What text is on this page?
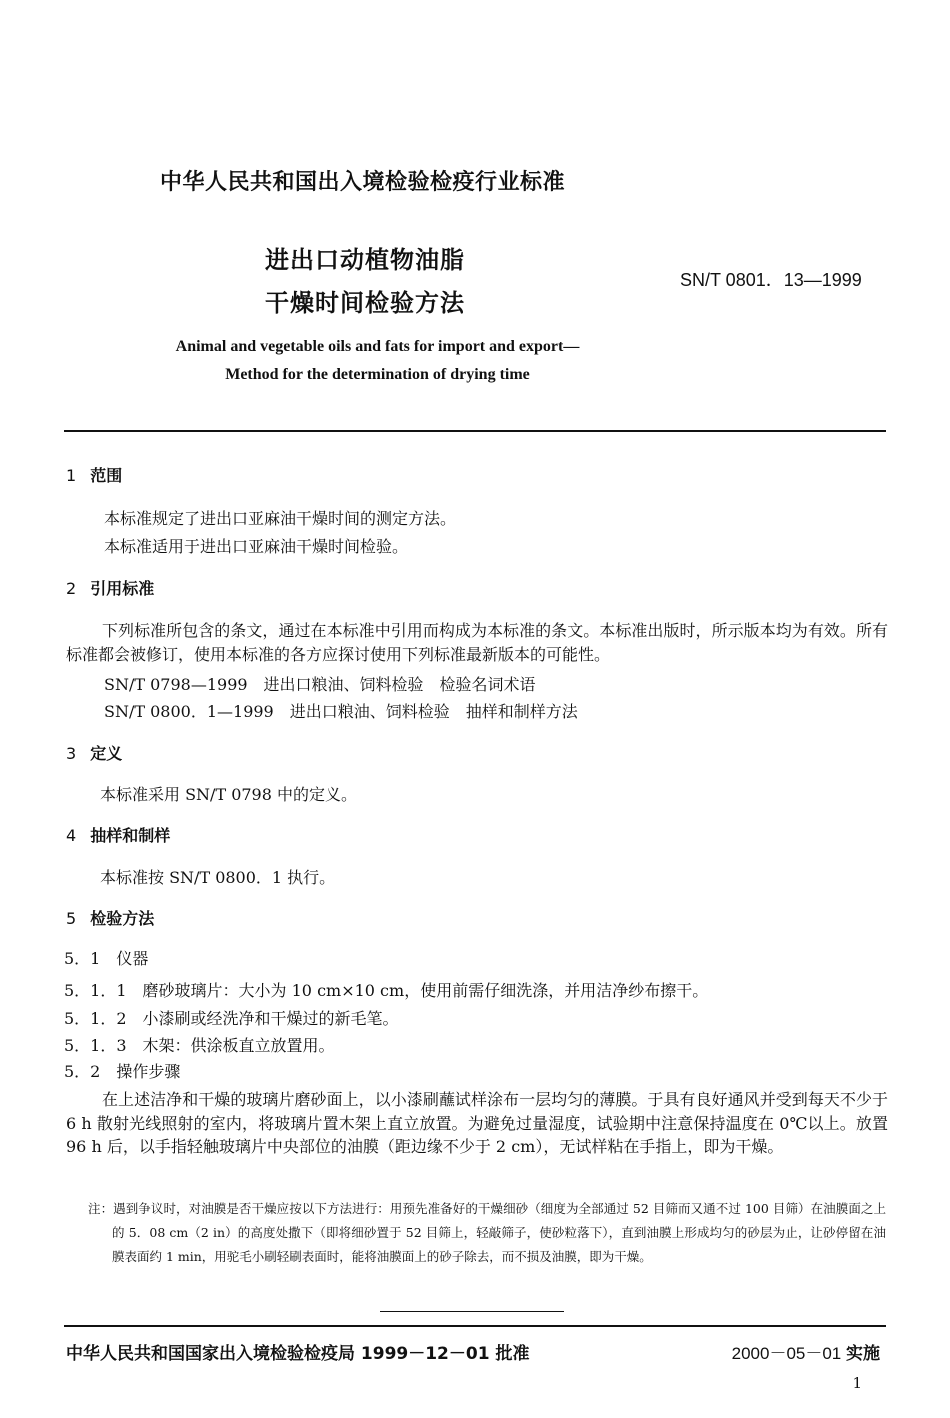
中华人民共和国出入境检验检疫行业标准
进出口动植物油脂
干燥时间检验方法
SN/T 0801．13—1999
Animal and vegetable oils and fats for import and export—
Method for the determination of drying time
1 范围
本标准规定了进出口亚麻油干燥时间的测定方法。
本标准适用于进出口亚麻油干燥时间检验。
2 引用标准
下列标准所包含的条文，通过在本标准中引用而构成为本标准的条文。本标准出版时，所示版本均为有效。所有标准都会被修订，使用本标准的各方应探讨使用下列标准最新版本的可能性。
SN/T 0798—1999　进出口粮油、饲料检验　检验名词术语
SN/T 0800．1—1999　进出口粮油、饲料检验　抽样和制样方法
3 定义
本标准采用 SN/T 0798 中的定义。
4 抽样和制样
本标准按 SN/T 0800．1 执行。
5 检验方法
5．1　仪器
5．1．1　磨砂玻璃片：大小为 10 cm×10 cm，使用前需仔细洗涤，并用洁净纱布擦干。
5．1．2　小漆刷或经洗净和干燥过的新毛笔。
5．1．3　木架：供涂板直立放置用。
5．2　操作步骤
在上述洁净和干燥的玻璃片磨砂面上，以小漆刷蘸试样涂布一层均匀的薄膜。于具有良好通风并受到每天不少于 6 h 散射光线照射的室内，将玻璃片置木架上直立放置。为避免过量湿度，试验期中注意保持温度在 0℃以上。放置 96 h 后，以手指轻触玻璃片中央部位的油膜（距边缘不少于 2 cm），无试样粘在手指上，即为干燥。
注：遇到争议时，对油膜是否干燥应按以下方法进行：用预先准备好的干燥细砂（细度为全部通过 52 目筛而又通不过 100 目筛）在油膜面之上的 5．08 cm（2 in）的高度处撒下（即将细砂置于 52 目筛上，轻敲筛子，使砂粒落下），直到油膜上形成均匀的砂层为止，让砂停留在油膜表面约 1 min，用驼毛小刷轻刷表面时，能将油膜面上的砂子除去，而不损及油膜，即为干燥。
中华人民共和国国家出入境检验检疫局 1999－12－01 批准	2000－05－01 实施
1
